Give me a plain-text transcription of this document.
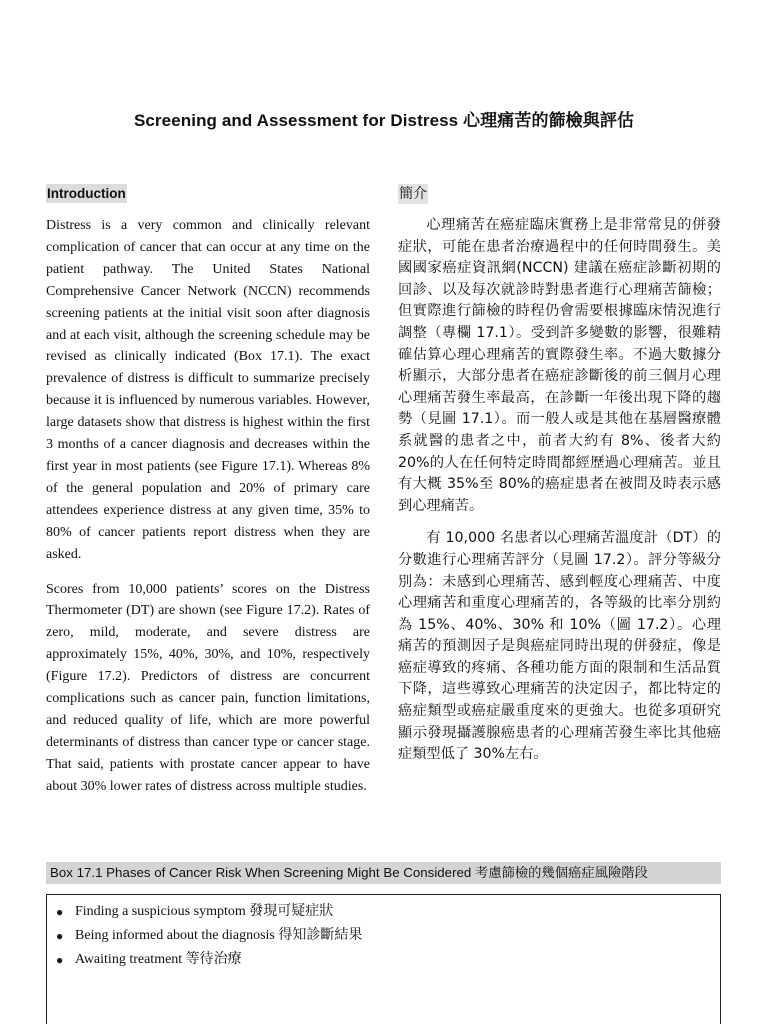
Screening and Assessment for Distress 心理痛苦的篩檢與評估
Introduction

Distress is a very common and clinically relevant complication of cancer that can occur at any time on the patient pathway. The United States National Comprehensive Cancer Network (NCCN) recommends screening patients at the initial visit soon after diagnosis and at each visit, although the screening schedule may be revised as clinically indicated (Box 17.1). The exact prevalence of distress is difficult to summarize precisely because it is influenced by numerous variables. However, large datasets show that distress is highest within the first 3 months of a cancer diagnosis and decreases within the first year in most patients (see Figure 17.1). Whereas 8% of the general population and 20% of primary care attendees experience distress at any given time, 35% to 80% of cancer patients report distress when they are asked.

Scores from 10,000 patients’ scores on the Distress Thermometer (DT) are shown (see Figure 17.2). Rates of zero, mild, moderate, and severe distress are approximately 15%, 40%, 30%, and 10%, respectively (Figure 17.2). Predictors of distress are concurrent complications such as cancer pain, function limitations, and reduced quality of life, which are more powerful determinants of distress than cancer type or cancer stage. That said, patients with prostate cancer appear to have about 30% lower rates of distress across multiple studies.

簡介

心理痛苦在癌症臨床實務上是非常常見的併發症狀，可能在患者治療過程中的任何時間發生。美國國家癌症資訊網(NCCN) 建議在癌症診斷初期的回診、以及每次就診時對患者進行心理痛苦篩檢；但實際進行篩檢的時程仍會需要根據臨床情況進行調整（專欄 17.1）。受到許多變數的影響，很難精確估算心理心理痛苦的實際發生率。不過大數據分析顯示，大部分患者在癌症診斷後的前三個月心理心理痛苦發生率最高，在診斷一年後出現下降的趨勢（見圖 17.1）。而一般人或是其他在基層醫療體系就醫的患者之中，前者大約有 8%、後者大約20%的人在任何特定時間都經歷過心理痛苦。並且有大概 35%至 80%的癌症患者在被問及時表示感到心理痛苦。

有 10,000 名患者以心理痛苦溫度計（DT）的分數進行心理痛苦評分（見圖 17.2）。評分等級分別為：未感到心理痛苦、感到輕度心理痛苦、中度心理痛苦和重度心理痛苦的，各等級的比率分別約為 15%、40%、30% 和 10%（圖 17.2）。心理痛苦的預測因子是與癌症同時出現的併發症，像是癌症導致的疼痛、各種功能方面的限制和生活品質下降，這些導致心理痛苦的決定因子，都比特定的癌症類型或癌症嚴重度來的更強大。也從多項研究顯示發現攝護腺癌患者的心理痛苦發生率比其他癌症類型低了 30%左右。

Box 17.1 Phases of Cancer Risk When Screening Might Be Considered 考慮篩檢的幾個癌症風險階段
● Finding a suspicious symptom 發現可疑症狀
● Being informed about the diagnosis 得知診斷結果
● Awaiting treatment 等待治療
